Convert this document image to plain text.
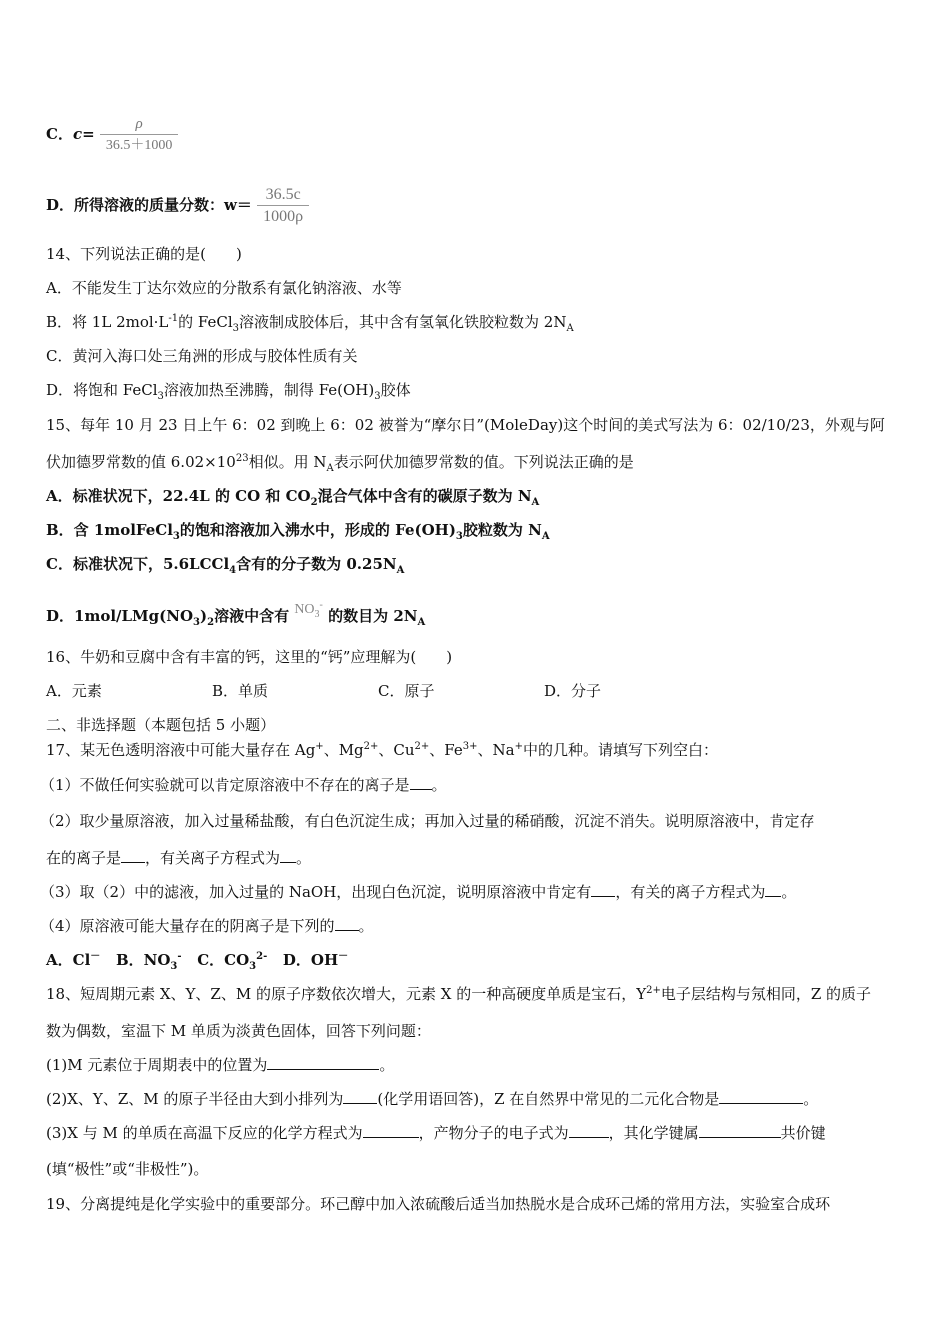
C．$c= \frac{\rho}{36.5+1000}$
D．所得溶液的质量分数：$w= \frac{36.5c}{1000\rho}$
14、下列说法正确的是(　　)
A．不能发生丁达尔效应的分散系有氯化钠溶液、水等
B．将 1L $2mol\cdot L^{-1}$的 FeCl$_3$溶液制成胶体后，其中含有氢氧化铁胶粒数为 $2N_A$
C．黄河入海口处三角洲的形成与胶体性质有关
D．将饱和 FeCl$_3$溶液加热至沸腾，制得 $Fe(OH)_3$胶体
15、每年 10 月 23 日上午 6：02 到晚上 6：02 被誉为“摩尔日”(MoleDay)这个时间的美式写法为 6：02/10/23，外观与阿
伏加德罗常数的值 $6.02\times 10^{23}$相似。用 $N_A$表示阿伏加德罗常数的值。下列说法正确的是
A．标准状况下，22.4L 的 CO 和 $CO_2$混合气体中含有的碳原子数为 $N_A$
B．含 1molFeCl$_3$的饱和溶液加入沸水中，形成的 $Fe(OH)_3$胶粒数为 $N_A$
C．标准状况下，5.6LCCl$_4$含有的分子数为 $0.25N_A$
D．$1mol/LMg(NO_3)_2$溶液中含有 $NO_3^-$ 的数目为 $2N_A$
16、牛奶和豆腐中含有丰富的钙，这里的“钙”应理解为(　　)
A．元素	B．单质	C．原子	D．分子
二、非选择题（本题包括 5 小题）
17、某无色透明溶液中可能大量存在 Ag+、$Mg^{2+}$、$Cu^{2+}$、$Fe^{3+}$、Na+中的几种。请填写下列空白：
（1）不做任何实验就可以肯定原溶液中不存在的离子是 。
（2）取少量原溶液，加入过量稀盐酸，有白色沉淀生成；再加入过量的稀硝酸，沉淀不消失。说明原溶液中，肯定存
在的离子是 ，有关离子方程式为 。
（3）取（2）中的滤液，加入过量的 NaOH，出现白色沉淀，说明原溶液中肯定有 ，有关的离子方程式为 。
（4）原溶液可能大量存在的阴离子是下列的 。
A．Cl－ B．$NO_3^-$ C．$CO_3^{2-}$ D．OH－
18、短周期元素 X、Y、Z、M 的原子序数依次增大，元素 X 的一种高硬度单质是宝石，$Y^{2+}$电子层结构与氖相同，Z 的质子
数为偶数，室温下 M 单质为淡黄色固体，回答下列问题：
(1)M 元素位于周期表中的位置为	。
(2)X、Y、Z、M 的原子半径由大到小排列为 (化学用语回答)，Z 在自然界中常见的二元化合物是	。
(3)X 与 M 的单质在高温下反应的化学方程式为	，产物分子的电子式为	，其化学键属	共价键
(填“极性”或“非极性”)。
19、分离提纯是化学实验中的重要部分。环己醇中加入浓硫酸后适当加热脱水是合成环己烯的常用方法，实验室合成环
